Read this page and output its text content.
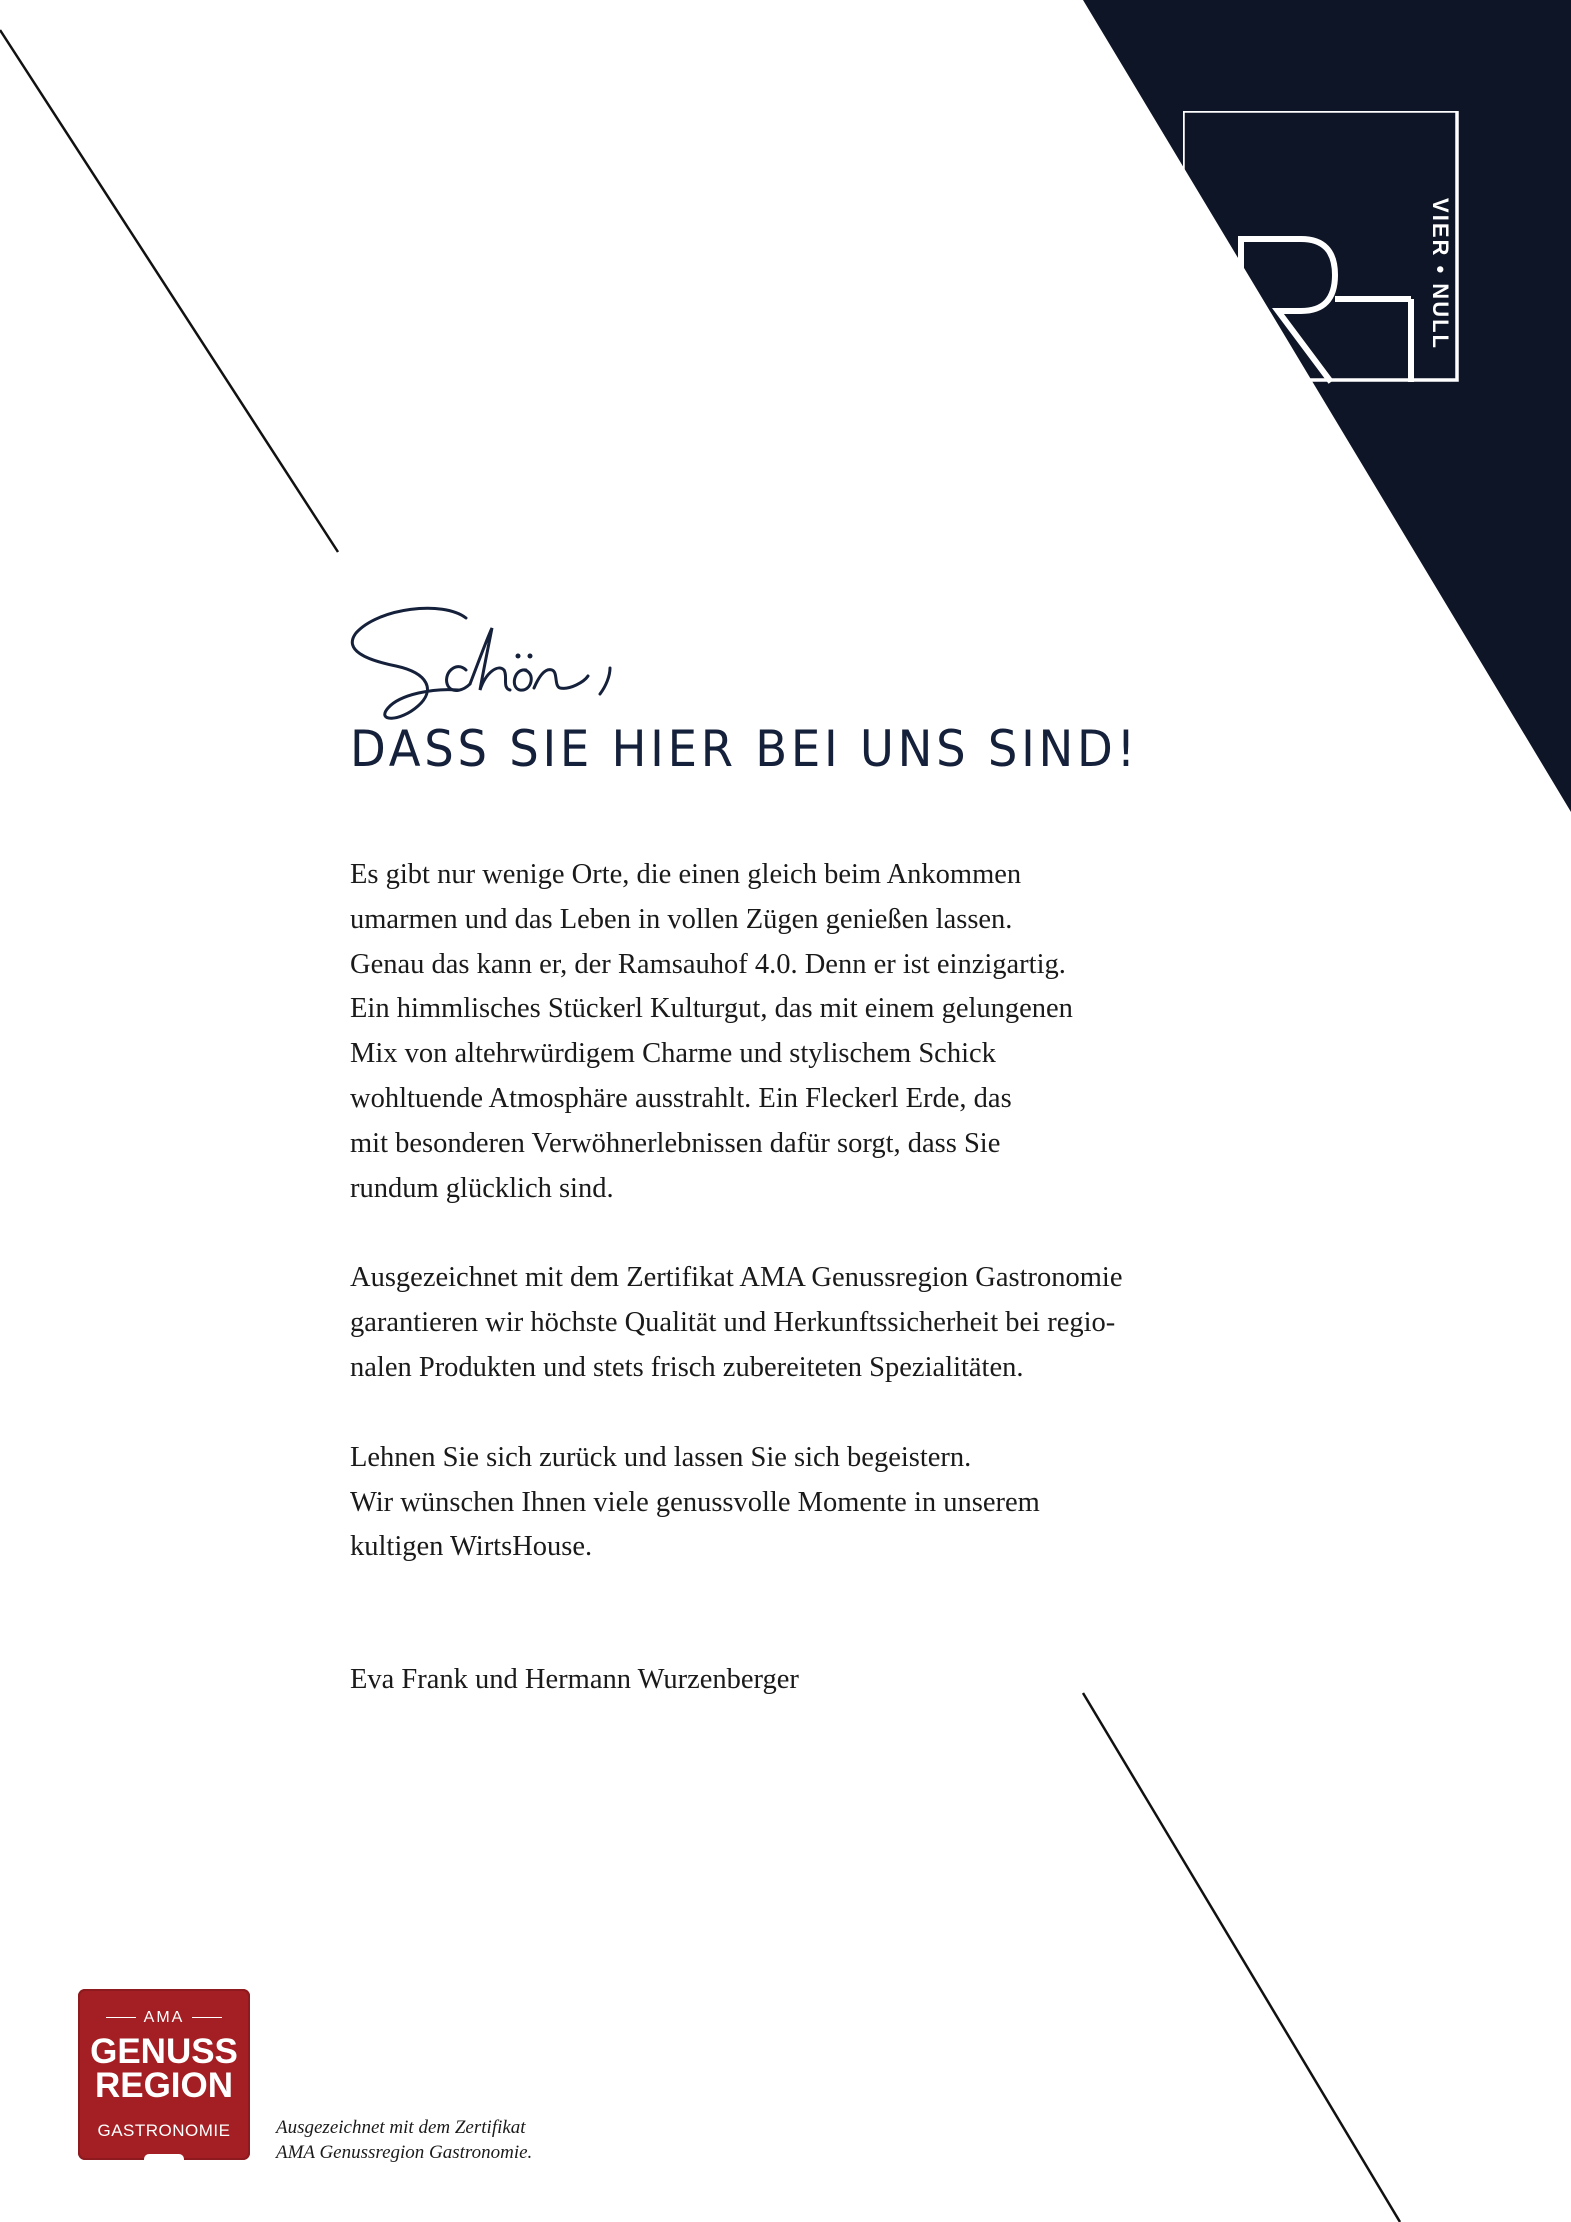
VIER • NULL
DASS SIE HIER BEI UNS SIND!

Es gibt nur wenige Orte, die einen gleich beim Ankommen
umarmen und das Leben in vollen Zügen genießen lassen.
Genau das kann er, der Ramsauhof 4.0. Denn er ist einzigartig.
Ein himmlisches Stückerl Kulturgut, das mit einem gelungenen
Mix von altehrwürdigem Charme und stylischem Schick
wohltuende Atmosphäre ausstrahlt. Ein Fleckerl Erde, das
mit besonderen Verwöhnerlebnissen dafür sorgt, dass Sie
rundum glücklich sind.

Ausgezeichnet mit dem Zertifikat AMA Genussregion Gastronomie
garantieren wir höchste Qualität und Herkunftssicherheit bei regio-
nalen Produkten und stets frisch zubereiteten Spezialitäten.

Lehnen Sie sich zurück und lassen Sie sich begeistern.
Wir wünschen Ihnen viele genussvolle Momente in unserem
kultigen WirtsHouse.

Eva Frank und Hermann Wurzenberger
AMA
GENUSS
REGION
GASTRONOMIE	Ausgezeichnet mit dem Zertifikat
AMA Genussregion Gastronomie.
